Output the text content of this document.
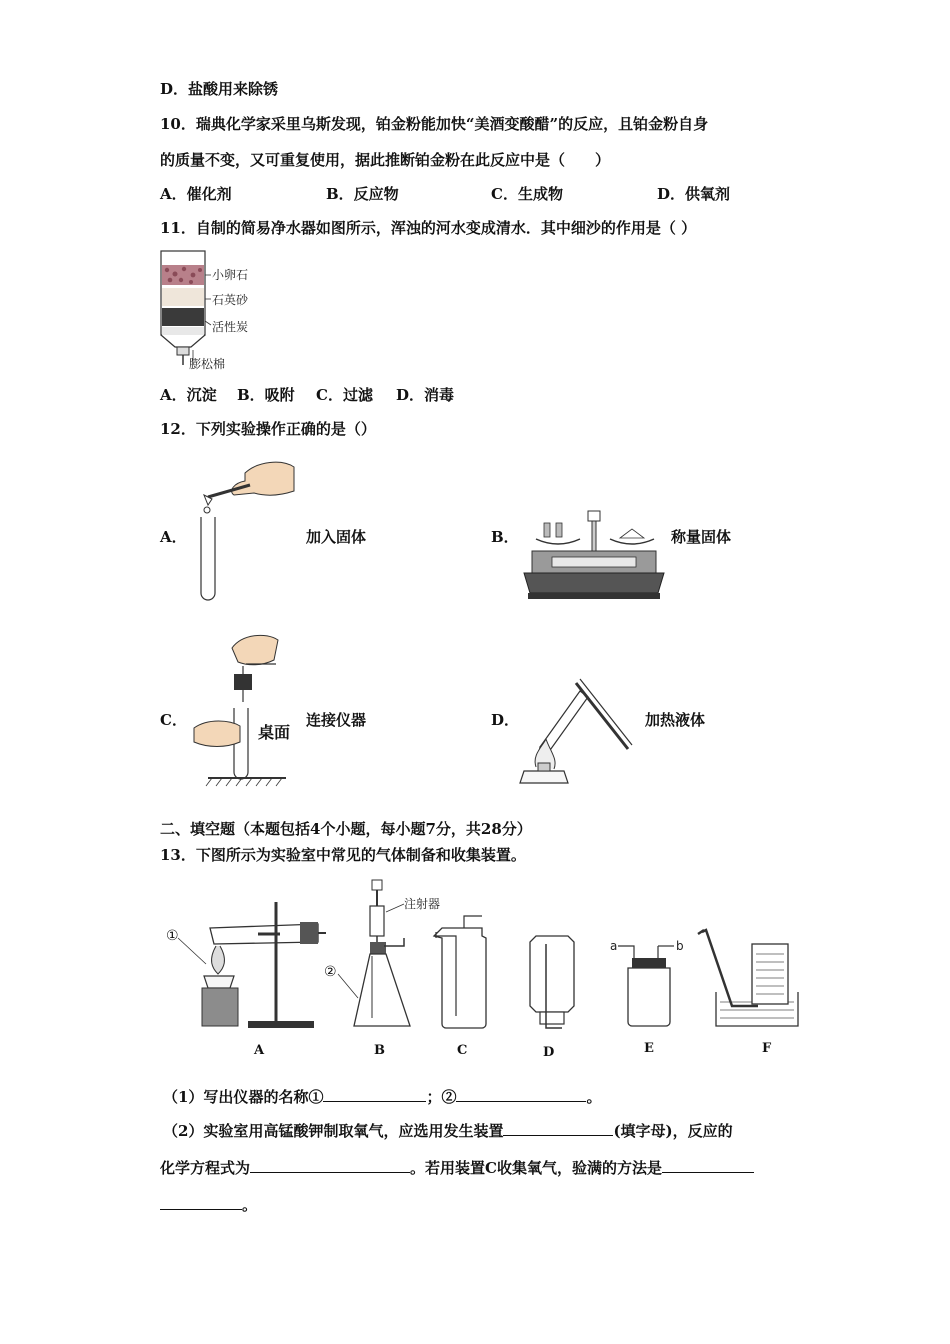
D．盐酸用来除锈
10．瑞典化学家采里乌斯发现，铂金粉能加快“美酒变酸醋”的反应，且铂金粉自身
的质量不变，又可重复使用，据此推断铂金粉在此反应中是（　　）
A．催化剂	B．反应物	C．生成物	D．供氧剂
11．自制的简易净水器如图所示，浑浊的河水变成清水．其中细沙的作用是（ ）
小卵石
石英砂
活性炭
膨松棉
A．沉淀 B．吸附 C．过滤 D．消毒
12．下列实验操作正确的是（）
A．	加入固体	B．	称量固体
C．
桌面
连接仪器	D．	加热液体
二、填空题（本题包括4个小题，每小题7分，共28分）
13．下图所示为实验室中常见的气体制备和收集装置。
①
A
②
注射器
B	C	D
a	b
E	F
（1）写出仪器的名称①	；②	。
（2）实验室用高锰酸钾制取氧气，应选用发生装置	(填字母)，反应的
化学方程式为	。若用装置C收集氧气，验满的方法是
。
